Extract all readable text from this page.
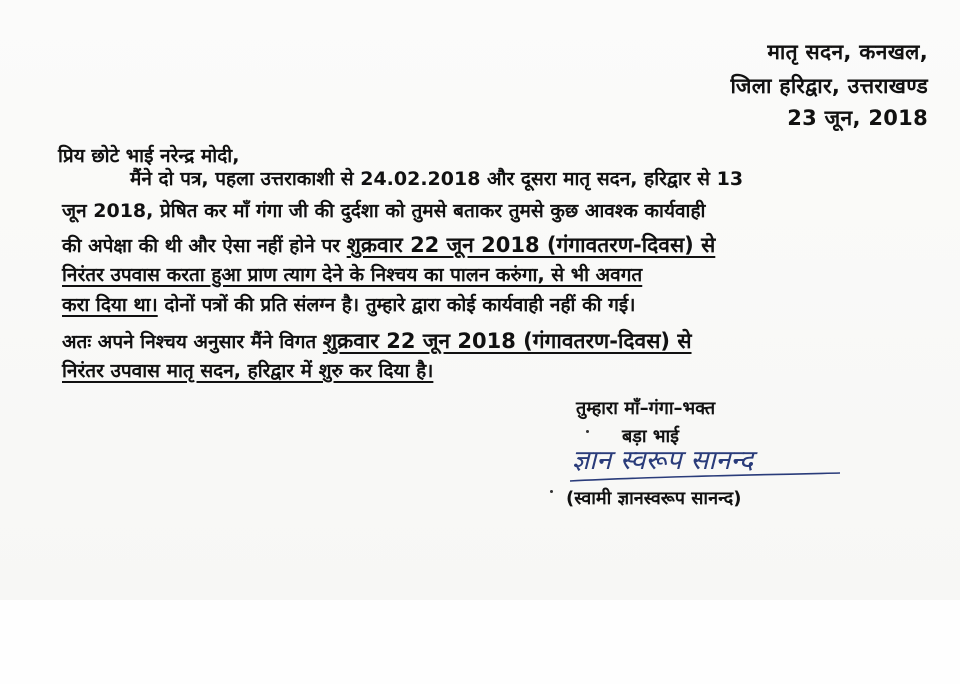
मातृ सदन, कनखल,
जिला हरिद्वार, उत्तराखण्ड
23 जून, 2018
प्रिय छोटे भाई नरेन्द्र मोदी,
मैंने दो पत्र, पहला उत्तराकाशी से 24.02.2018 और दूसरा मातृ सदन, हरिद्वार से 13
जून 2018, प्रेषित कर माँ गंगा जी की दुर्दशा को तुमसे बताकर तुमसे कुछ आवश्क कार्यवाही
की अपेक्षा की थी और ऐसा नहीं होने पर शुक्रवार 22 जून 2018 (गंगावतरण-दिवस) से
निरंतर उपवास करता हुआ प्राण त्याग देने के निश्चय का पालन करुंगा, से भी अवगत
करा दिया था। दोनों पत्रों की प्रति संलग्न है। तुम्हारे द्वारा कोई कार्यवाही नहीं की गई।
अतः अपने निश्चय अनुसार मैंने विगत शुक्रवार 22 जून 2018 (गंगावतरण-दिवस) से
निरंतर उपवास मातृ सदन, हरिद्वार में शुरु कर दिया है।
तुम्हारा माँ–गंगा–भक्त
बड़ा भाई
ज्ञान स्वरूप सानन्द
(स्वामी ज्ञानस्वरूप सानन्द)
